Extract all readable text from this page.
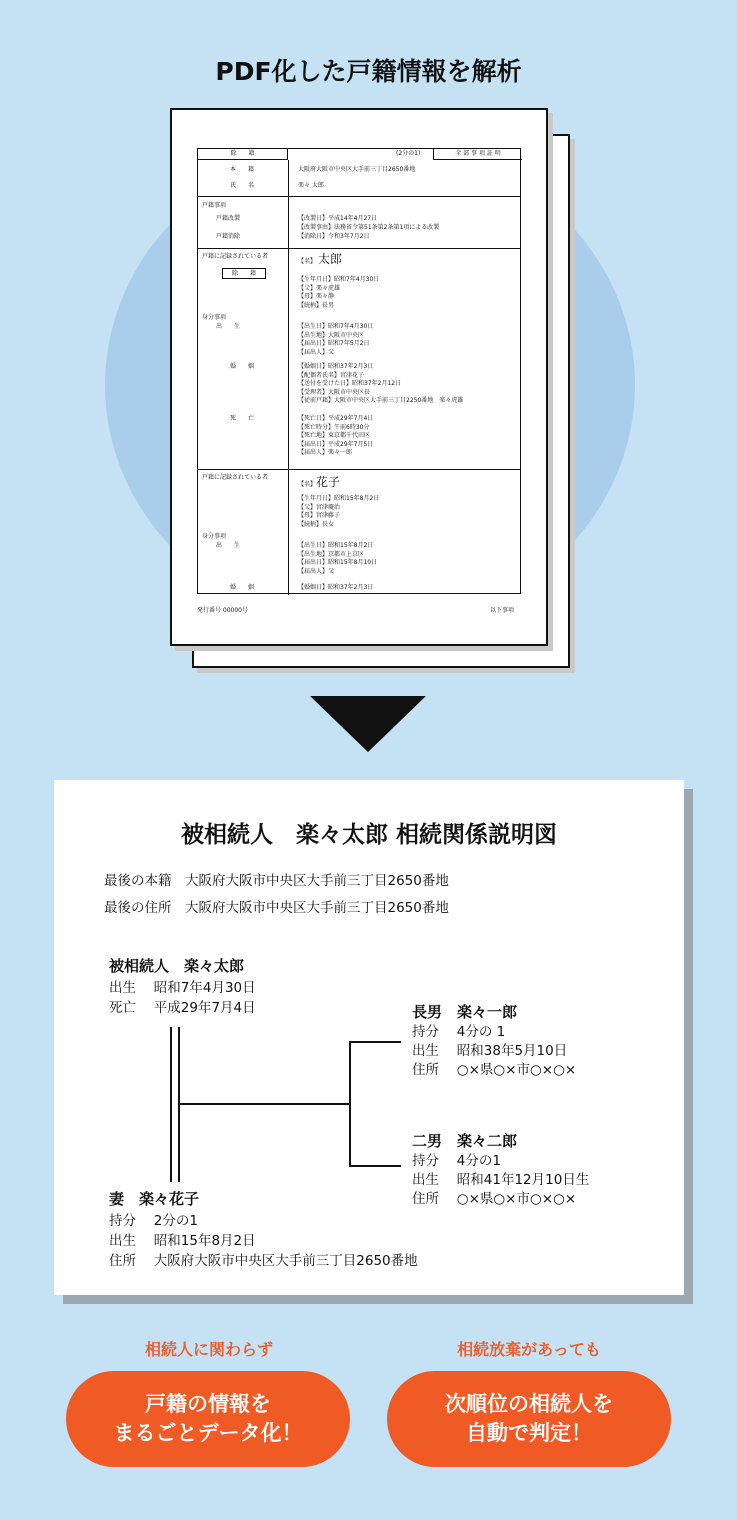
PDF化した戸籍情報を解析
除　　籍	(2分の1)	全 部 事 項 証 明
本　　籍	大阪府大阪市中央区大手前三丁目2650番地
氏　　名	楽々 太郎
戸籍事項
戸籍改製	【改製日】平成14年4月27日
【改製事由】法務省令第51条第2条第1項による改製
戸籍消除	【消除日】令和3年7月2日
戸籍に記録されている者
除　　籍
【名】 太郎
【生年月日】昭和7年4月30日
【父】楽々虎雄
【母】楽々静
【続柄】長男
身分事項
出　　生	【出生日】昭和7年4月30日
【出生地】大阪市中央区
【届出日】昭和7年5月2日
【届出人】父
婚　　姻	【婚姻日】昭和37年2月3日
【配偶者氏名】宮津花子
【送付を受けた日】昭和37年2月12日
【受理者】大阪市中央区長
【従前戸籍】大阪市中央区大手前三丁目2250番地　楽々虎雄
死　　亡	【死亡日】平成29年7月4日
【死亡時分】午前6時30分
【死亡地】東京都千代田区
【届出日】平成29年7月5日
【届出人】楽々一郎
戸籍に記録されている者
【名】 花子
【生年月日】昭和15年8月2日
【父】宮津慶治
【母】宮津藤子
【続柄】長女
身分事項
出　　生	【出生日】昭和15年8月2日
【出生地】京都市上京区
【届出日】昭和15年8月10日
【届出人】父
婚　　姻	【婚姻日】昭和37年2月3日
発行番号 00000号	以下事項
被相続人　楽々太郎 相続関係説明図
最後の本籍　大阪府大阪市中央区大手前三丁目2650番地
最後の住所　大阪府大阪市中央区大手前三丁目2650番地
被相続人　楽々太郎
出生　 昭和7年4月30日
死亡　 平成29年7月4日	長男　楽々一郎
持分　 4分の 1
出生　 昭和38年5月10日
住所　 ○×県○×市○×○×
二男　楽々二郎
持分　 4分の1
出生　 昭和41年12月10日生
住所　 ○×県○×市○×○×
妻　楽々花子
持分　 2分の1
出生　 昭和15年8月2日
住所　 大阪府大阪市中央区大手前三丁目2650番地
相続人に関わらず
戸籍の情報を
まるごとデータ化！
相続放棄があっても
次順位の相続人を
自動で判定！
